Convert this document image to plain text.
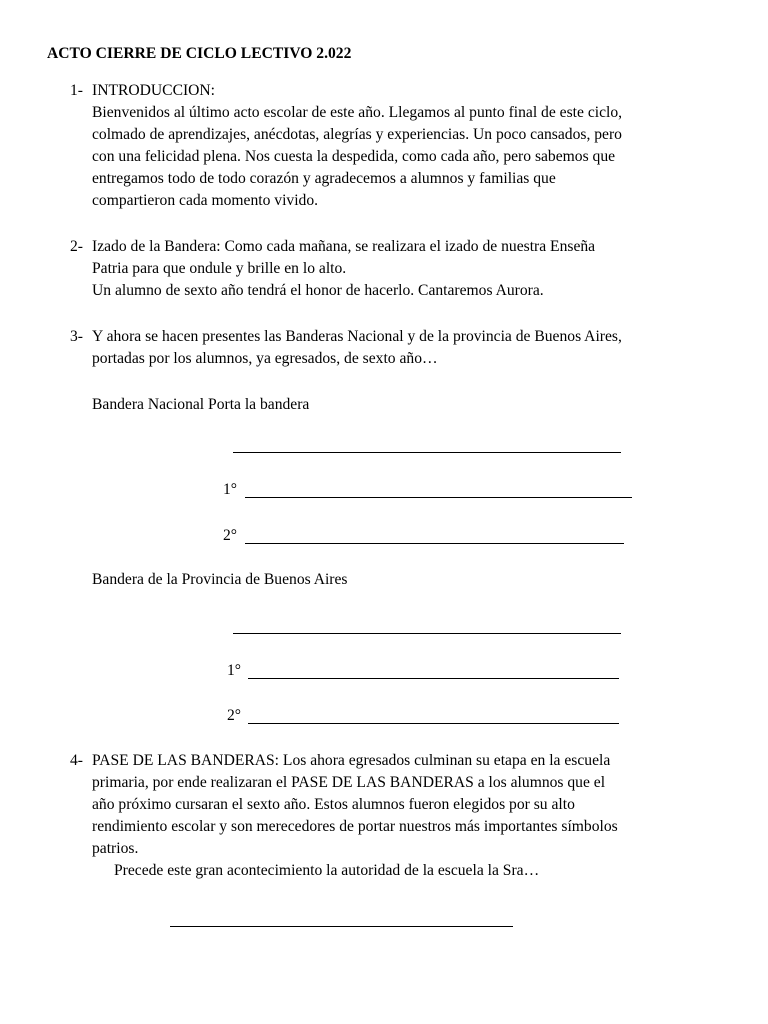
ACTO CIERRE DE CICLO LECTIVO 2.022
1- INTRODUCCION:
Bienvenidos al último acto escolar de este año. Llegamos al punto final de este ciclo,
colmado de aprendizajes, anécdotas, alegrías y experiencias. Un poco cansados, pero
con una felicidad plena. Nos cuesta la despedida, como cada año, pero sabemos que
entregamos todo de todo corazón y agradecemos a alumnos y familias que
compartieron cada momento vivido.
2- Izado de la Bandera: Como cada mañana, se realizara el izado de nuestra Enseña
Patria para que ondule y brille en lo alto.
Un alumno de sexto año tendrá el honor de hacerlo. Cantaremos Aurora.
3- Y ahora se hacen presentes las Banderas Nacional y de la provincia de Buenos Aires,
portadas por los alumnos, ya egresados, de sexto año…
Bandera Nacional Porta la bandera
1°
2°
Bandera de la Provincia de Buenos Aires
1°
2°
4- PASE DE LAS BANDERAS: Los ahora egresados culminan su etapa en la escuela
primaria, por ende realizaran el PASE DE LAS BANDERAS a los alumnos que el
año próximo cursaran el sexto año. Estos alumnos fueron elegidos por su alto
rendimiento escolar y son merecedores de portar nuestros más importantes símbolos
patrios.
Precede este gran acontecimiento la autoridad de la escuela la Sra…
